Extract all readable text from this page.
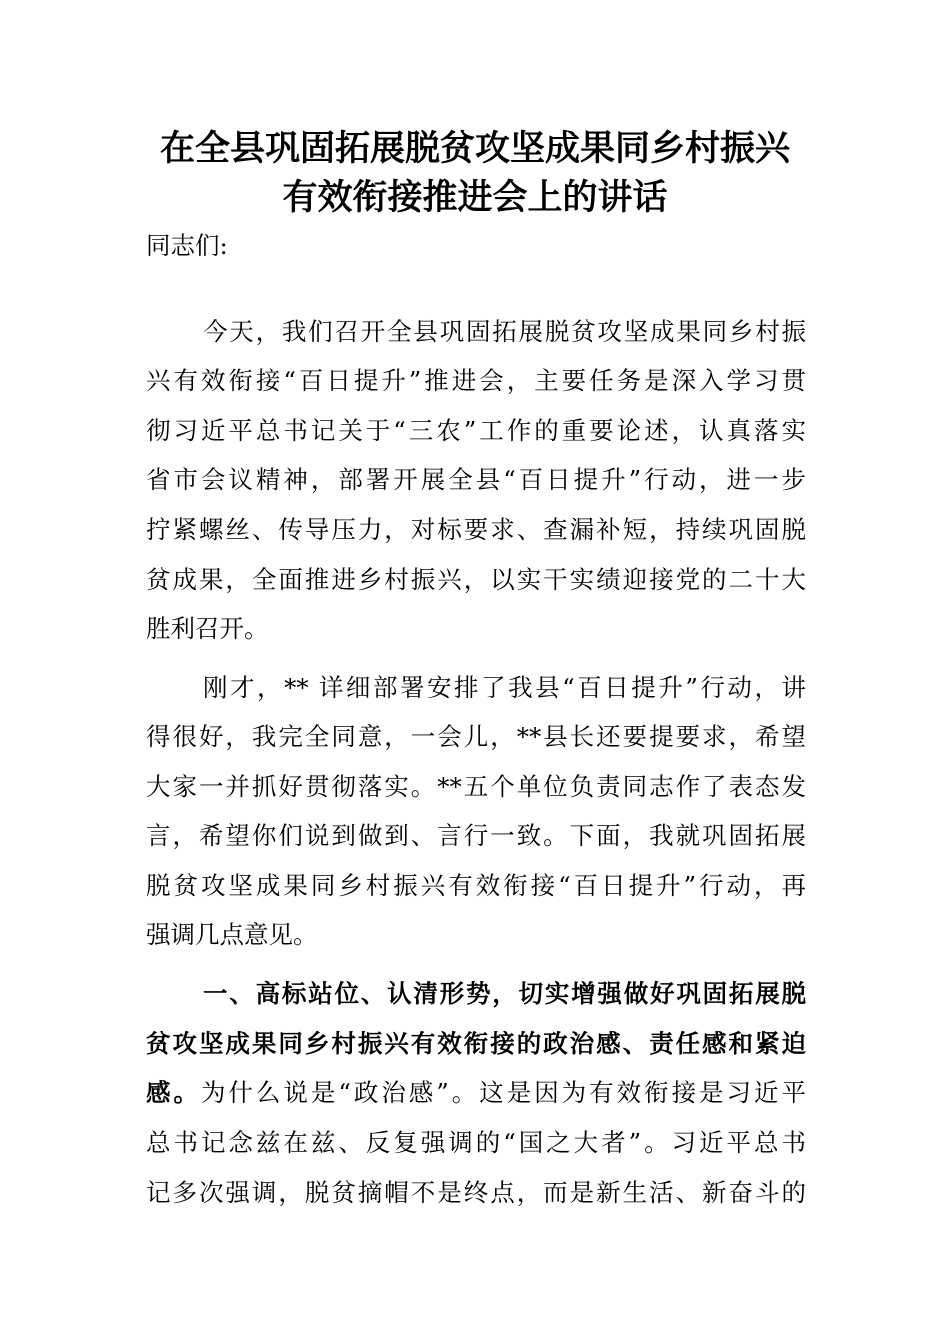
在全县巩固拓展脱贫攻坚成果同乡村振兴
有效衔接推进会上的讲话
同志们:
今天，我们召开全县巩固拓展脱贫攻坚成果同乡村振
兴有效衔接“百日提升”推进会，主要任务是深入学习贯
彻习近平总书记关于“三农”工作的重要论述，认真落实
省市会议精神，部署开展全县“百日提升”行动，进一步
拧紧螺丝、传导压力，对标要求、查漏补短，持续巩固脱
贫成果，全面推进乡村振兴，以实干实绩迎接党的二十大
胜利召开。
刚才，** 详细部署安排了我县“百日提升”行动，讲
得很好，我完全同意，一会儿，**县长还要提要求，希望
大家一并抓好贯彻落实。**五个单位负责同志作了表态发
言，希望你们说到做到、言行一致。下面，我就巩固拓展
脱贫攻坚成果同乡村振兴有效衔接“百日提升”行动，再
强调几点意见。
一、高标站位、认清形势，切实增强做好巩固拓展脱
贫攻坚成果同乡村振兴有效衔接的政治感、责任感和紧迫
感。为什么说是“政治感”。这是因为有效衔接是习近平
总书记念兹在兹、反复强调的“国之大者”。习近平总书
记多次强调，脱贫摘帽不是终点，而是新生活、新奋斗的
